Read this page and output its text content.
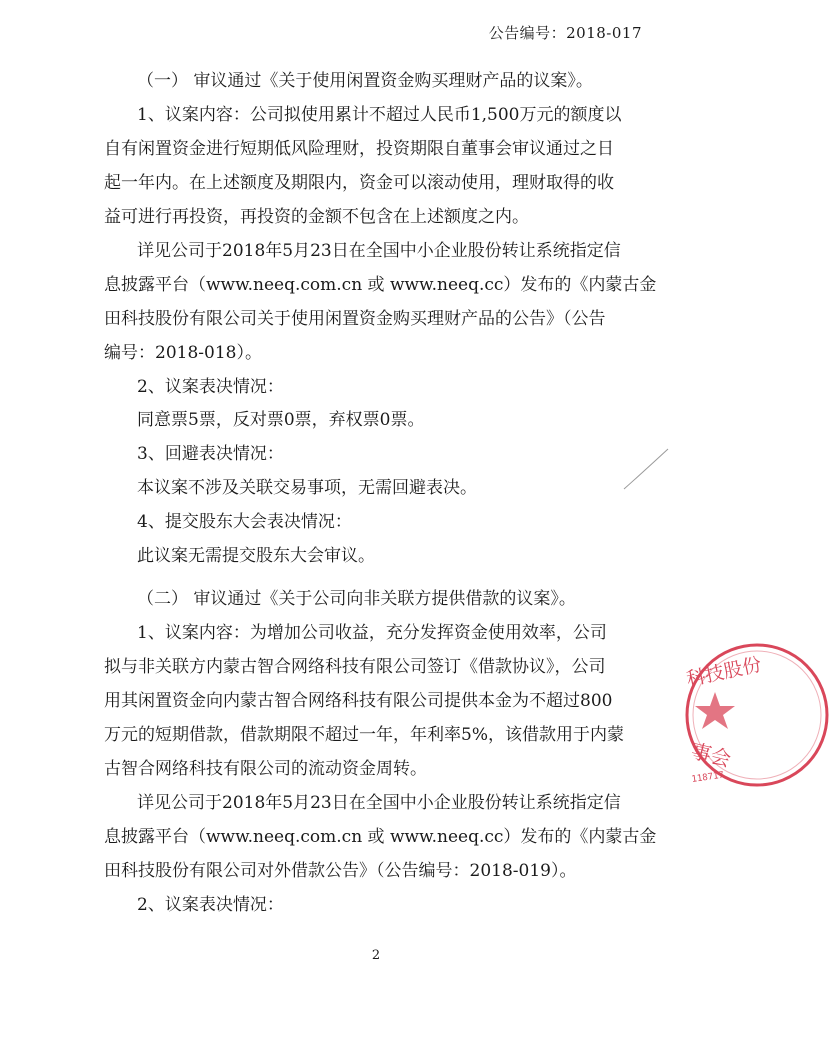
公告编号：2018-017
（一） 审议通过《关于使用闲置资金购买理财产品的议案》。
1、议案内容：公司拟使用累计不超过人民币1,500万元的额度以
自有闲置资金进行短期低风险理财，投资期限自董事会审议通过之日
起一年内。在上述额度及期限内，资金可以滚动使用，理财取得的收
益可进行再投资，再投资的金额不包含在上述额度之内。
详见公司于2018年5月23日在全国中小企业股份转让系统指定信
息披露平台（www.neeq.com.cn 或 www.neeq.cc）发布的《内蒙古金
田科技股份有限公司关于使用闲置资金购买理财产品的公告》（公告
编号：2018-018）。
2、议案表决情况：
同意票5票，反对票0票，弃权票0票。
3、回避表决情况：
本议案不涉及关联交易事项，无需回避表决。
4、提交股东大会表决情况：
此议案无需提交股东大会审议。
（二） 审议通过《关于公司向非关联方提供借款的议案》。
1、议案内容：为增加公司收益，充分发挥资金使用效率，公司
拟与非关联方内蒙古智合网络科技有限公司签订《借款协议》，公司
用其闲置资金向内蒙古智合网络科技有限公司提供本金为不超过800
万元的短期借款，借款期限不超过一年，年利率5%，该借款用于内蒙
古智合网络科技有限公司的流动资金周转。
详见公司于2018年5月23日在全国中小企业股份转让系统指定信
息披露平台（www.neeq.com.cn 或 www.neeq.cc）发布的《内蒙古金
田科技股份有限公司对外借款公告》（公告编号：2018-019）。
2、议案表决情况：
2
科技股份
事会
118717
